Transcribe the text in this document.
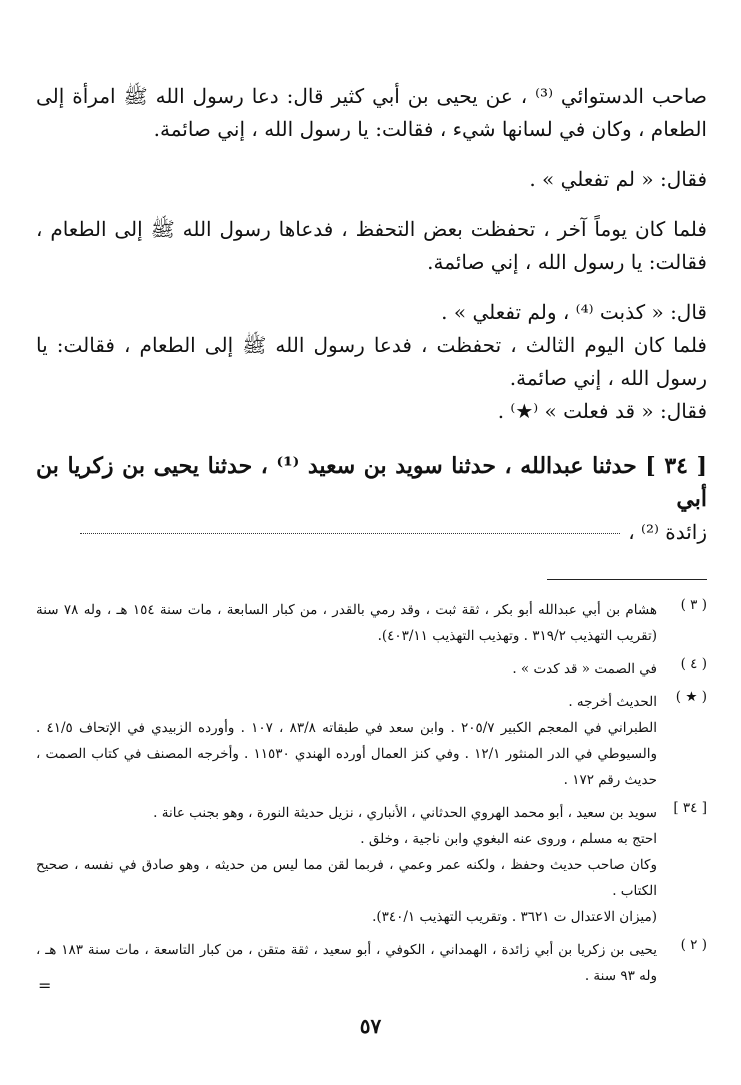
صاحب الدستوائي ⁽³⁾ ، عن يحيى بن أبي كثير قال: دعا رسول الله ﷺ امرأة إلى الطعام ، وكان في لسانها شيء ، فقالت: يا رسول الله ، إني صائمة.

فقال: « لم تفعلي » .

فلما كان يوماً آخر ، تحفظت بعض التحفظ ، فدعاها رسول الله ﷺ إلى الطعام ، فقالت: يا رسول الله ، إني صائمة.

قال: « كذبت ⁽⁴⁾ ، ولم تفعلي » .

فلما كان اليوم الثالث ، تحفظت ، فدعا رسول الله ﷺ إلى الطعام ، فقالت: يا رسول الله ، إني صائمة.

فقال: « قد فعلت » ⁽★⁾ .

[ ٣٤ ] حدثنا عبدالله ، حدثنا سويد بن سعيد ⁽¹⁾ ، حدثنا يحيى بن زكريا بن أبي

زائدة ⁽²⁾ ،

( ٣ )
هشام بن أبي عبدالله أبو بكر ، ثقة ثبت ، وقد رمي بالقدر ، من كبار السابعة ، مات سنة ١٥٤ هـ ، وله ٧٨ سنة (تقريب التهذيب ٣١٩/٢ . وتهذيب التهذيب ٤٠٣/١١).
( ٤ )
في الصمت « قد كدت » .
( ★ )
الحديث أخرجه .
الطبراني في المعجم الكبير ٢٠٥/٧ . وابن سعد في طبقاته ٨٣/٨ ، ١٠٧ . وأورده الزبيدي في الإتحاف ٤١/٥ . والسيوطي في الدر المنثور ١٢/١ . وفي كنز العمال أورده الهندي ١١٥٣٠ . وأخرجه المصنف في كتاب الصمت ، حديث رقم ١٧٢ .
[ ٣٤ ]
سويد بن سعيد ، أبو محمد الهروي الحدثاني ، الأنباري ، نزيل حديثة النورة ، وهو بجنب عانة .
احتج به مسلم ، وروى عنه البغوي وابن ناجية ، وخلق .
وكان صاحب حديث وحفظ ، ولكنه عمر وعمي ، فربما لقن مما ليس من حديثه ، وهو صادق في نفسه ، صحيح الكتاب .
(ميزان الاعتدال ت ٣٦٢١ . وتقريب التهذيب ٣٤٠/١).
( ٢ )
يحيى بن زكريا بن أبي زائدة ، الهمداني ، الكوفي ، أبو سعيد ، ثقة متقن ، من كبار التاسعة ، مات سنة ١٨٣ هـ ، وله ٩٣ سنة .
=
٥٧
